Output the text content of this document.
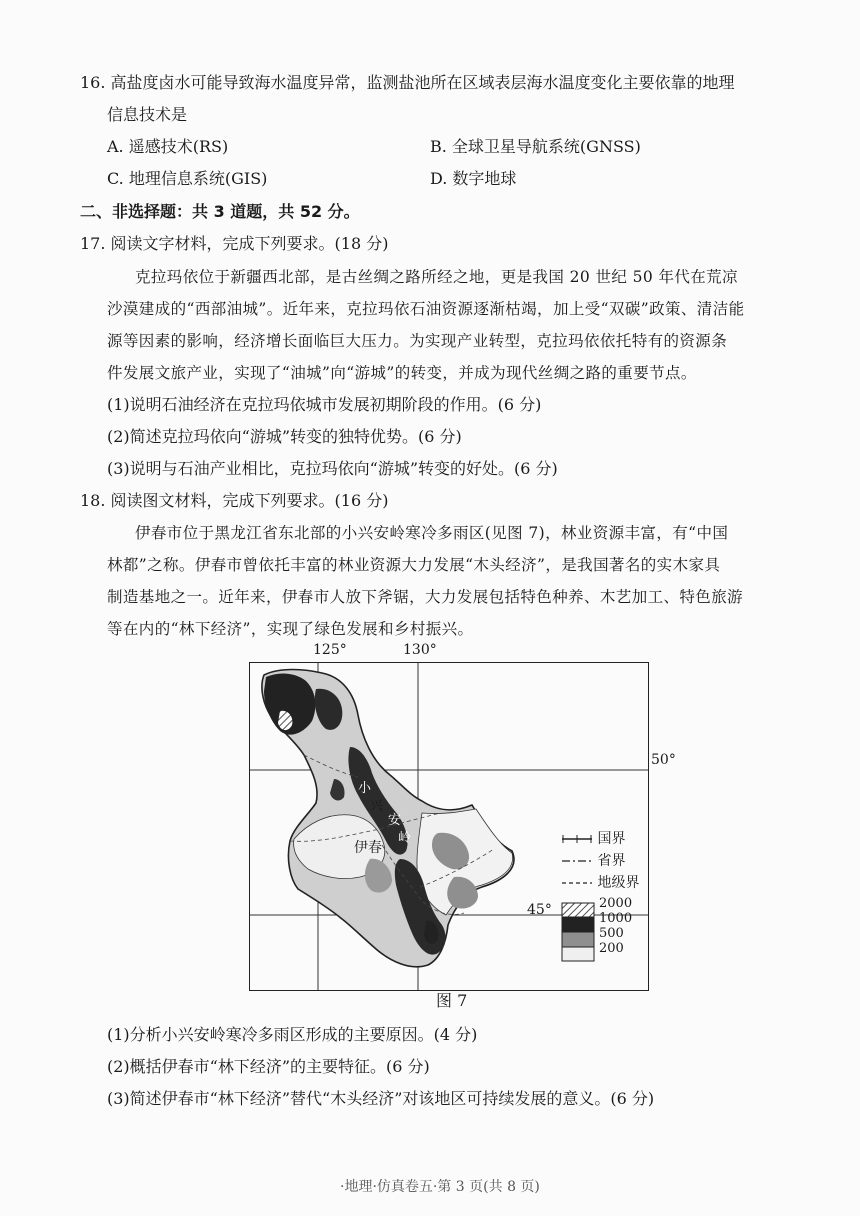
16. 高盐度卤水可能导致海水温度异常，监测盐池所在区域表层海水温度变化主要依靠的地理
信息技术是
A. 遥感技术(RS)	B. 全球卫星导航系统(GNSS)
C. 地理信息系统(GIS)	D. 数字地球
二、非选择题：共 3 道题，共 52 分。
17. 阅读文字材料，完成下列要求。(18 分)
克拉玛依位于新疆西北部，是古丝绸之路所经之地，更是我国 20 世纪 50 年代在荒凉
沙漠建成的“西部油城”。近年来，克拉玛依石油资源逐渐枯竭，加上受“双碳”政策、清洁能
源等因素的影响，经济增长面临巨大压力。为实现产业转型，克拉玛依依托特有的资源条
件发展文旅产业，实现了“油城”向“游城”的转变，并成为现代丝绸之路的重要节点。
(1)说明石油经济在克拉玛依城市发展初期阶段的作用。(6 分)
(2)简述克拉玛依向“游城”转变的独特优势。(6 分)
(3)说明与石油产业相比，克拉玛依向“游城”转变的好处。(6 分)
18. 阅读图文材料，完成下列要求。(16 分)
伊春市位于黑龙江省东北部的小兴安岭寒冷多雨区(见图 7)，林业资源丰富，有“中国
林都”之称。伊春市曾依托丰富的林业资源大力发展“木头经济”，是我国著名的实木家具
制造基地之一。近年来，伊春市人放下斧锯，大力发展包括特色种养、木艺加工、特色旅游
等在内的“林下经济”，实现了绿色发展和乡村振兴。
125°	130°
小
兴
安
岭
伊春
50°
45°
国界
省界
地级界
2000
1000
500
200
图 7
(1)分析小兴安岭寒冷多雨区形成的主要原因。(4 分)
(2)概括伊春市“林下经济”的主要特征。(6 分)
(3)简述伊春市“林下经济”替代“木头经济”对该地区可持续发展的意义。(6 分)
·地理·仿真卷五·第 3 页(共 8 页)
